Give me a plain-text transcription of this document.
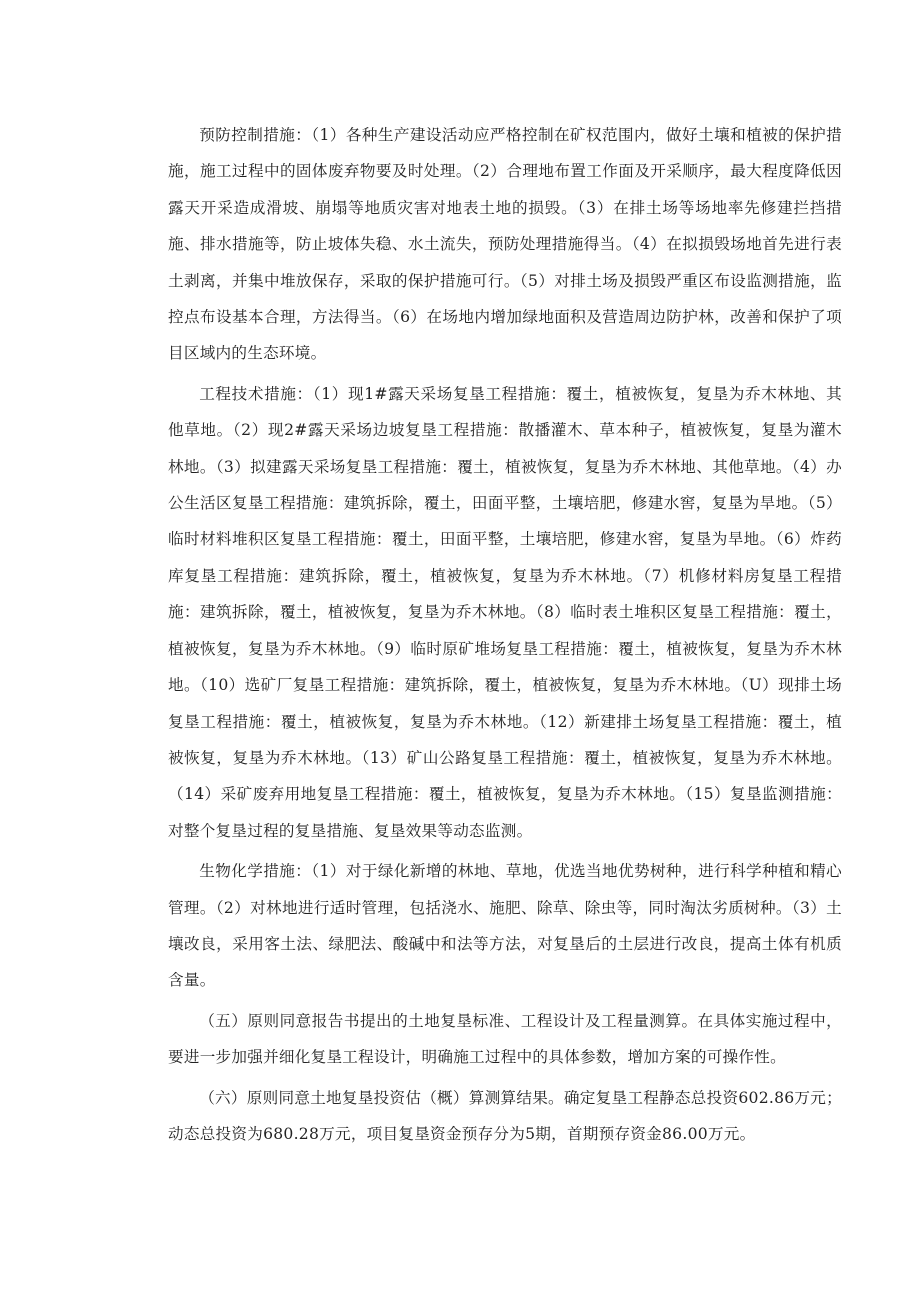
预防控制措施：（1）各种生产建设活动应严格控制在矿权范围内，做好土壤和植被的保护措施，施工过程中的固体废弃物要及时处理。（2）合理地布置工作面及开采顺序，最大程度降低因露天开采造成滑坡、崩塌等地质灾害对地表土地的损毁。（3）在排土场等场地率先修建拦挡措施、排水措施等，防止坡体失稳、水土流失，预防处理措施得当。（4）在拟损毁场地首先进行表土剥离，并集中堆放保存，采取的保护措施可行。（5）对排土场及损毁严重区布设监测措施，监控点布设基本合理，方法得当。（6）在场地内增加绿地面积及营造周边防护林，改善和保护了项目区域内的生态环境。

工程技术措施：（1）现1#露天采场复垦工程措施：覆土，植被恢复，复垦为乔木林地、其他草地。（2）现2#露天采场边坡复垦工程措施：散播灌木、草本种子，植被恢复，复垦为灌木林地。（3）拟建露天采场复垦工程措施：覆土，植被恢复，复垦为乔木林地、其他草地。（4）办公生活区复垦工程措施：建筑拆除，覆土，田面平整，土壤培肥，修建水窖，复垦为旱地。（5）临时材料堆积区复垦工程措施：覆土，田面平整，土壤培肥，修建水窖，复垦为旱地。（6）炸药库复垦工程措施：建筑拆除，覆土，植被恢复，复垦为乔木林地。（7）机修材料房复垦工程措施：建筑拆除，覆土，植被恢复，复垦为乔木林地。（8）临时表土堆积区复垦工程措施：覆土，植被恢复，复垦为乔木林地。（9）临时原矿堆场复垦工程措施：覆土，植被恢复，复垦为乔木林地。（10）选矿厂复垦工程措施：建筑拆除，覆土，植被恢复，复垦为乔木林地。（U）现排土场复垦工程措施：覆土，植被恢复，复垦为乔木林地。（12）新建排土场复垦工程措施：覆土，植被恢复，复垦为乔木林地。（13）矿山公路复垦工程措施：覆土，植被恢复，复垦为乔木林地。（14）采矿废弃用地复垦工程措施：覆土，植被恢复，复垦为乔木林地。（15）复垦监测措施：对整个复垦过程的复垦措施、复垦效果等动态监测。

生物化学措施：（1）对于绿化新增的林地、草地，优选当地优势树种，进行科学种植和精心管理。（2）对林地进行适时管理，包括浇水、施肥、除草、除虫等，同时淘汰劣质树种。（3）土壤改良，采用客土法、绿肥法、酸碱中和法等方法，对复垦后的土层进行改良，提高土体有机质含量。

（五）原则同意报告书提出的土地复垦标准、工程设计及工程量测算。在具体实施过程中，要进一步加强并细化复垦工程设计，明确施工过程中的具体参数，增加方案的可操作性。

（六）原则同意土地复垦投资估（概）算测算结果。确定复垦工程静态总投资602.86万元；动态总投资为680.28万元，项目复垦资金预存分为5期，首期预存资金86.00万元。
